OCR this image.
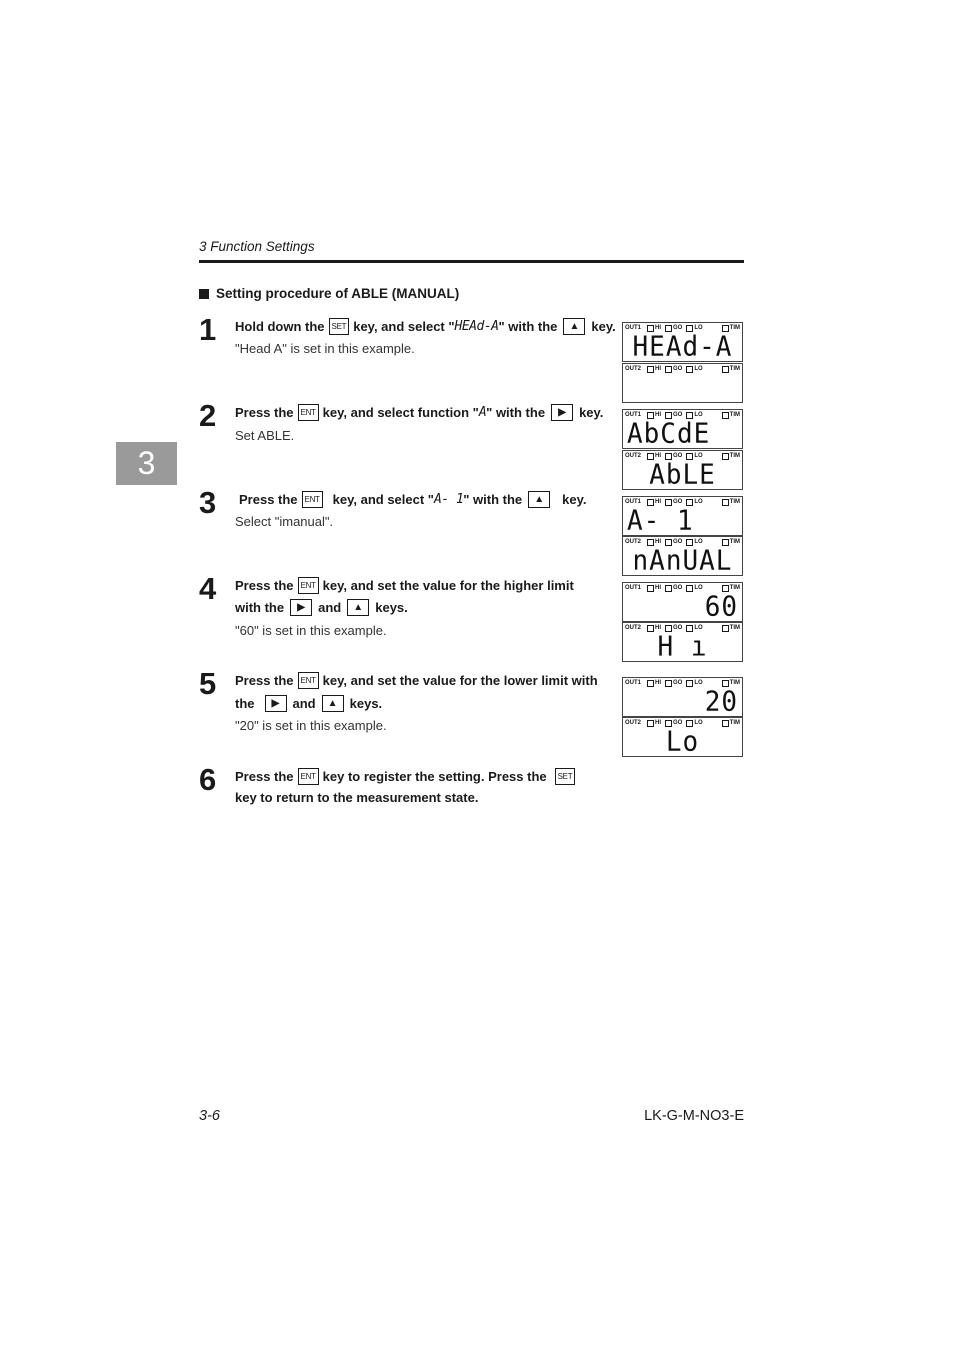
3 Function Settings
3
Setting procedure of ABLE (MANUAL)
1 Hold down the SET key, and select " HEAd-A " with the	▲ key.
"Head A" is set in this example.
2 Press the ENT key, and select function " A " with the	▶	key.
Set ABLE.
3 Press the ENT key, and select " A- 1 " with the	▲	key.
Select "imanual".
4 Press the ENT key, and set the value for the higher limit
with the	▶	and	▲ keys.
"60" is set in this example.
5 Press the ENT key, and set the value for the lower limit with
the	▶	and	▲ keys.
"20" is set in this example.
6 Press the ENT key to register the setting. Press the	SET
key to return to the measurement state.
OUT1 HI GO LO	TIM
HEAd-A
OUT2 HI GO LO	TIM
OUT1 HI GO LO	TIM
AbCdE
OUT2 HI GO LO	TIM
AbLE
OUT1 HI GO LO	TIM
A- 1
OUT2 HI GO LO	TIM
nAnUAL
OUT1 HI GO LO	TIM
60
OUT2 HI GO LO	TIM
H ı
OUT1 HI GO LO	TIM
20
OUT2 HI GO LO	TIM
Lo
3-6	LK-G-M-NO3-E
